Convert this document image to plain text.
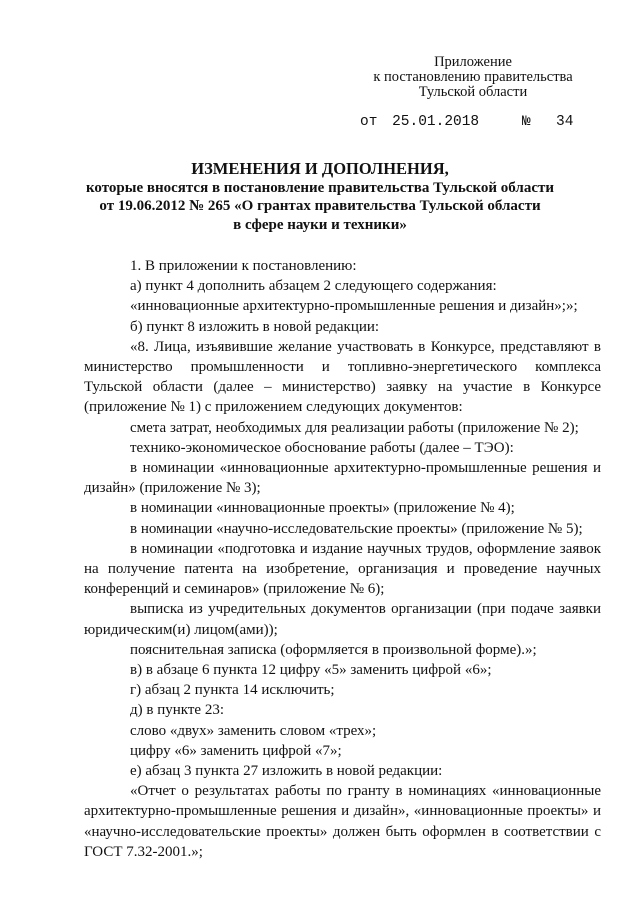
Приложение
к постановлению правительства
Тульской области
от 25.01.2018	№ 34
ИЗМЕНЕНИЯ И ДОПОЛНЕНИЯ,
которые вносятся в постановление правительства Тульской области
от 19.06.2012 № 265 «О грантах правительства Тульской области
в сфере науки и техники»

1. В приложении к постановлению:

а) пункт 4 дополнить абзацем 2 следующего содержания:

«инновационные архитектурно-промышленные решения и дизайн»;»;

б) пункт 8 изложить в новой редакции:

«8. Лица, изъявившие желание участвовать в Конкурсе, представляют в министерство промышленности и топливно-энергетического комплекса Тульской области (далее – министерство) заявку на участие в Конкурсе (приложение № 1) с приложением следующих документов:

смета затрат, необходимых для реализации работы (приложение № 2);

технико-экономическое обоснование работы (далее – ТЭО):

в номинации «инновационные архитектурно-промышленные решения и дизайн» (приложение № 3);

в номинации «инновационные проекты» (приложение № 4);

в номинации «научно-исследовательские проекты» (приложение № 5);

в номинации «подготовка и издание научных трудов, оформление заявок на получение патента на изобретение, организация и проведение научных конференций и семинаров» (приложение № 6);

выписка из учредительных документов организации (при подаче заявки юридическим(и) лицом(ами));

пояснительная записка (оформляется в произвольной форме).»;

в) в абзаце 6 пункта 12 цифру «5» заменить цифрой «6»;

г) абзац 2 пункта 14 исключить;

д) в пункте 23:

слово «двух» заменить словом «трех»;

цифру «6» заменить цифрой «7»;

е) абзац 3 пункта 27 изложить в новой редакции:

«Отчет о результатах работы по гранту в номинациях «инновационные архитектурно-промышленные решения и дизайн», «инновационные проекты» и «научно-исследовательские проекты» должен быть оформлен в соответствии с ГОСТ 7.32-2001.»;
